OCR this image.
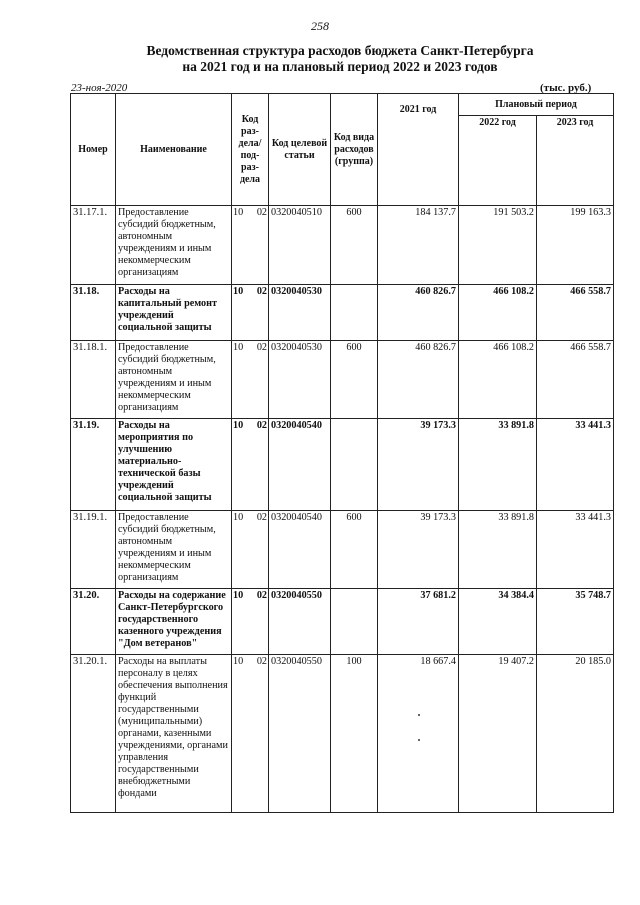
258
Ведомственная структура расходов бюджета Санкт-Петербурга
на 2021 год и на плановый период 2022 и 2023 годов
23-ноя-2020	(тыс. руб.)
Номер	Наименование	Код раз-дела/ под-раз-дела	Код целевой статьи	Код вида расходов (группа)	2021 год	Плановый период	
						2022 год	2023 год
31.17.1.	Предоставление субсидий бюджетным, автономным учреждениям и иным некоммерческим организациям	10 02	0320040510	600	184 137.7	191 503.2	199 163.3
31.18.	Расходы на капитальный ремонт учреждений социальной защиты	10 02	0320040530		460 826.7	466 108.2	466 558.7
31.18.1.	Предоставление субсидий бюджетным, автономным учреждениям и иным некоммерческим организациям	10 02	0320040530	600	460 826.7	466 108.2	466 558.7
31.19.	Расходы на мероприятия по улучшению материально-технической базы учреждений социальной защиты	10 02	0320040540		39 173.3	33 891.8	33 441.3
31.19.1.	Предоставление субсидий бюджетным, автономным учреждениям и иным некоммерческим организациям	10 02	0320040540	600	39 173.3	33 891.8	33 441.3
31.20.	Расходы на содержание Санкт-Петербургского государственного казенного учреждения "Дом ветеранов"	10 02	0320040550		37 681.2	34 384.4	35 748.7
31.20.1.	Расходы на выплаты персоналу в целях обеспечения выполнения функций государственными (муниципальными) органами, казенными учреждениями, органами управления государственными внебюджетными фондами	10 02	0320040550	100	18 667.4	19 407.2	20 185.0
